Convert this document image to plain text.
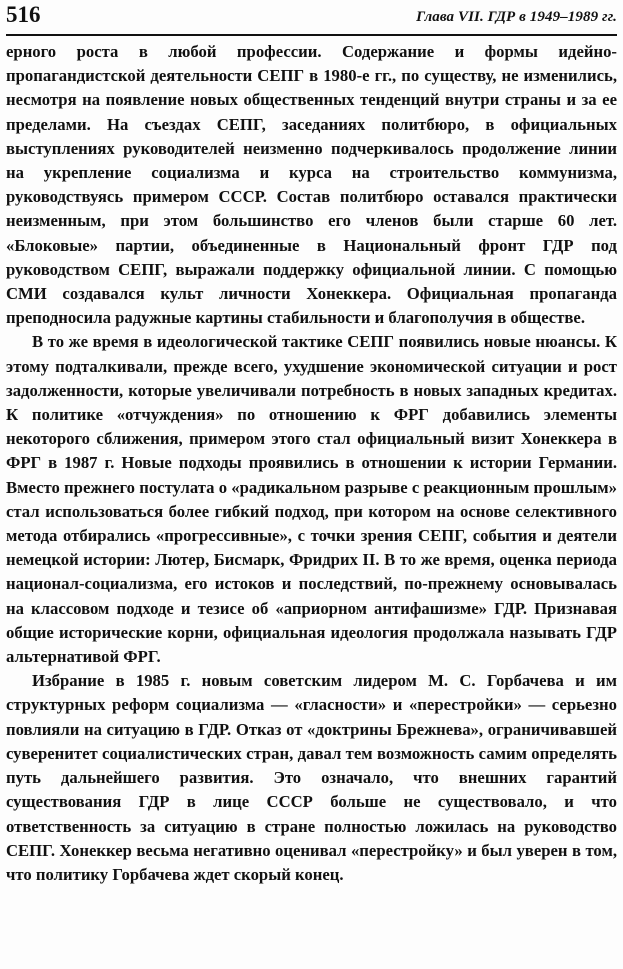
516	Глава VII. ГДР в 1949–1989 гг.

ерного роста в любой профессии. Содержание и формы идейно-пропагандистской деятельности СЕПГ в 1980-е гг., по существу, не изменились, несмотря на появление новых общественных тенденций внутри страны и за ее пределами. На съездах СЕПГ, заседаниях политбюро, в официальных выступлениях руководителей неизменно подчеркивалось продолжение линии на укрепление социализма и курса на строительство коммунизма, руководствуясь примером СССР. Состав политбюро оставался практически неизменным, при этом большинство его членов были старше 60 лет. «Блоковые» партии, объединенные в Национальный фронт ГДР под руководством СЕПГ, выражали поддержку официальной линии. С помощью СМИ создавался культ личности Хонеккера. Официальная пропаганда преподносила радужные картины стабильности и благополучия в обществе.

В то же время в идеологической тактике СЕПГ появились новые нюансы. К этому подталкивали, прежде всего, ухудшение экономической ситуации и рост задолженности, которые увеличивали потребность в новых западных кредитах. К политике «отчуждения» по отношению к ФРГ добавились элементы некоторого сближения, примером этого стал официальный визит Хонеккера в ФРГ в 1987 г. Новые подходы проявились в отношении к истории Германии. Вместо прежнего постулата о «радикальном разрыве с реакционным прошлым» стал использоваться более гибкий подход, при котором на основе селективного метода отбирались «прогрессивные», с точки зрения СЕПГ, события и деятели немецкой истории: Лютер, Бисмарк, Фридрих II. В то же время, оценка периода национал-социализма, его истоков и последствий, по-прежнему основывалась на классовом подходе и тезисе об «априорном антифашизме» ГДР. Признавая общие исторические корни, официальная идеология продолжала называть ГДР альтернативой ФРГ.

Избрание в 1985 г. новым советским лидером М. С. Горбачева и им структурных реформ социализма — «гласности» и «перестройки» — серьезно повлияли на ситуацию в ГДР. Отказ от «доктрины Брежнева», ограничивавшей суверенитет социалистических стран, давал тем возможность самим определять путь дальнейшего развития. Это означало, что внешних гарантий существования ГДР в лице СССР больше не существовало, и что ответственность за ситуацию в стране полностью ложилась на руководство СЕПГ. Хонеккер весьма негативно оценивал «перестройку» и был уверен в том, что политику Горбачева ждет скорый конец.
